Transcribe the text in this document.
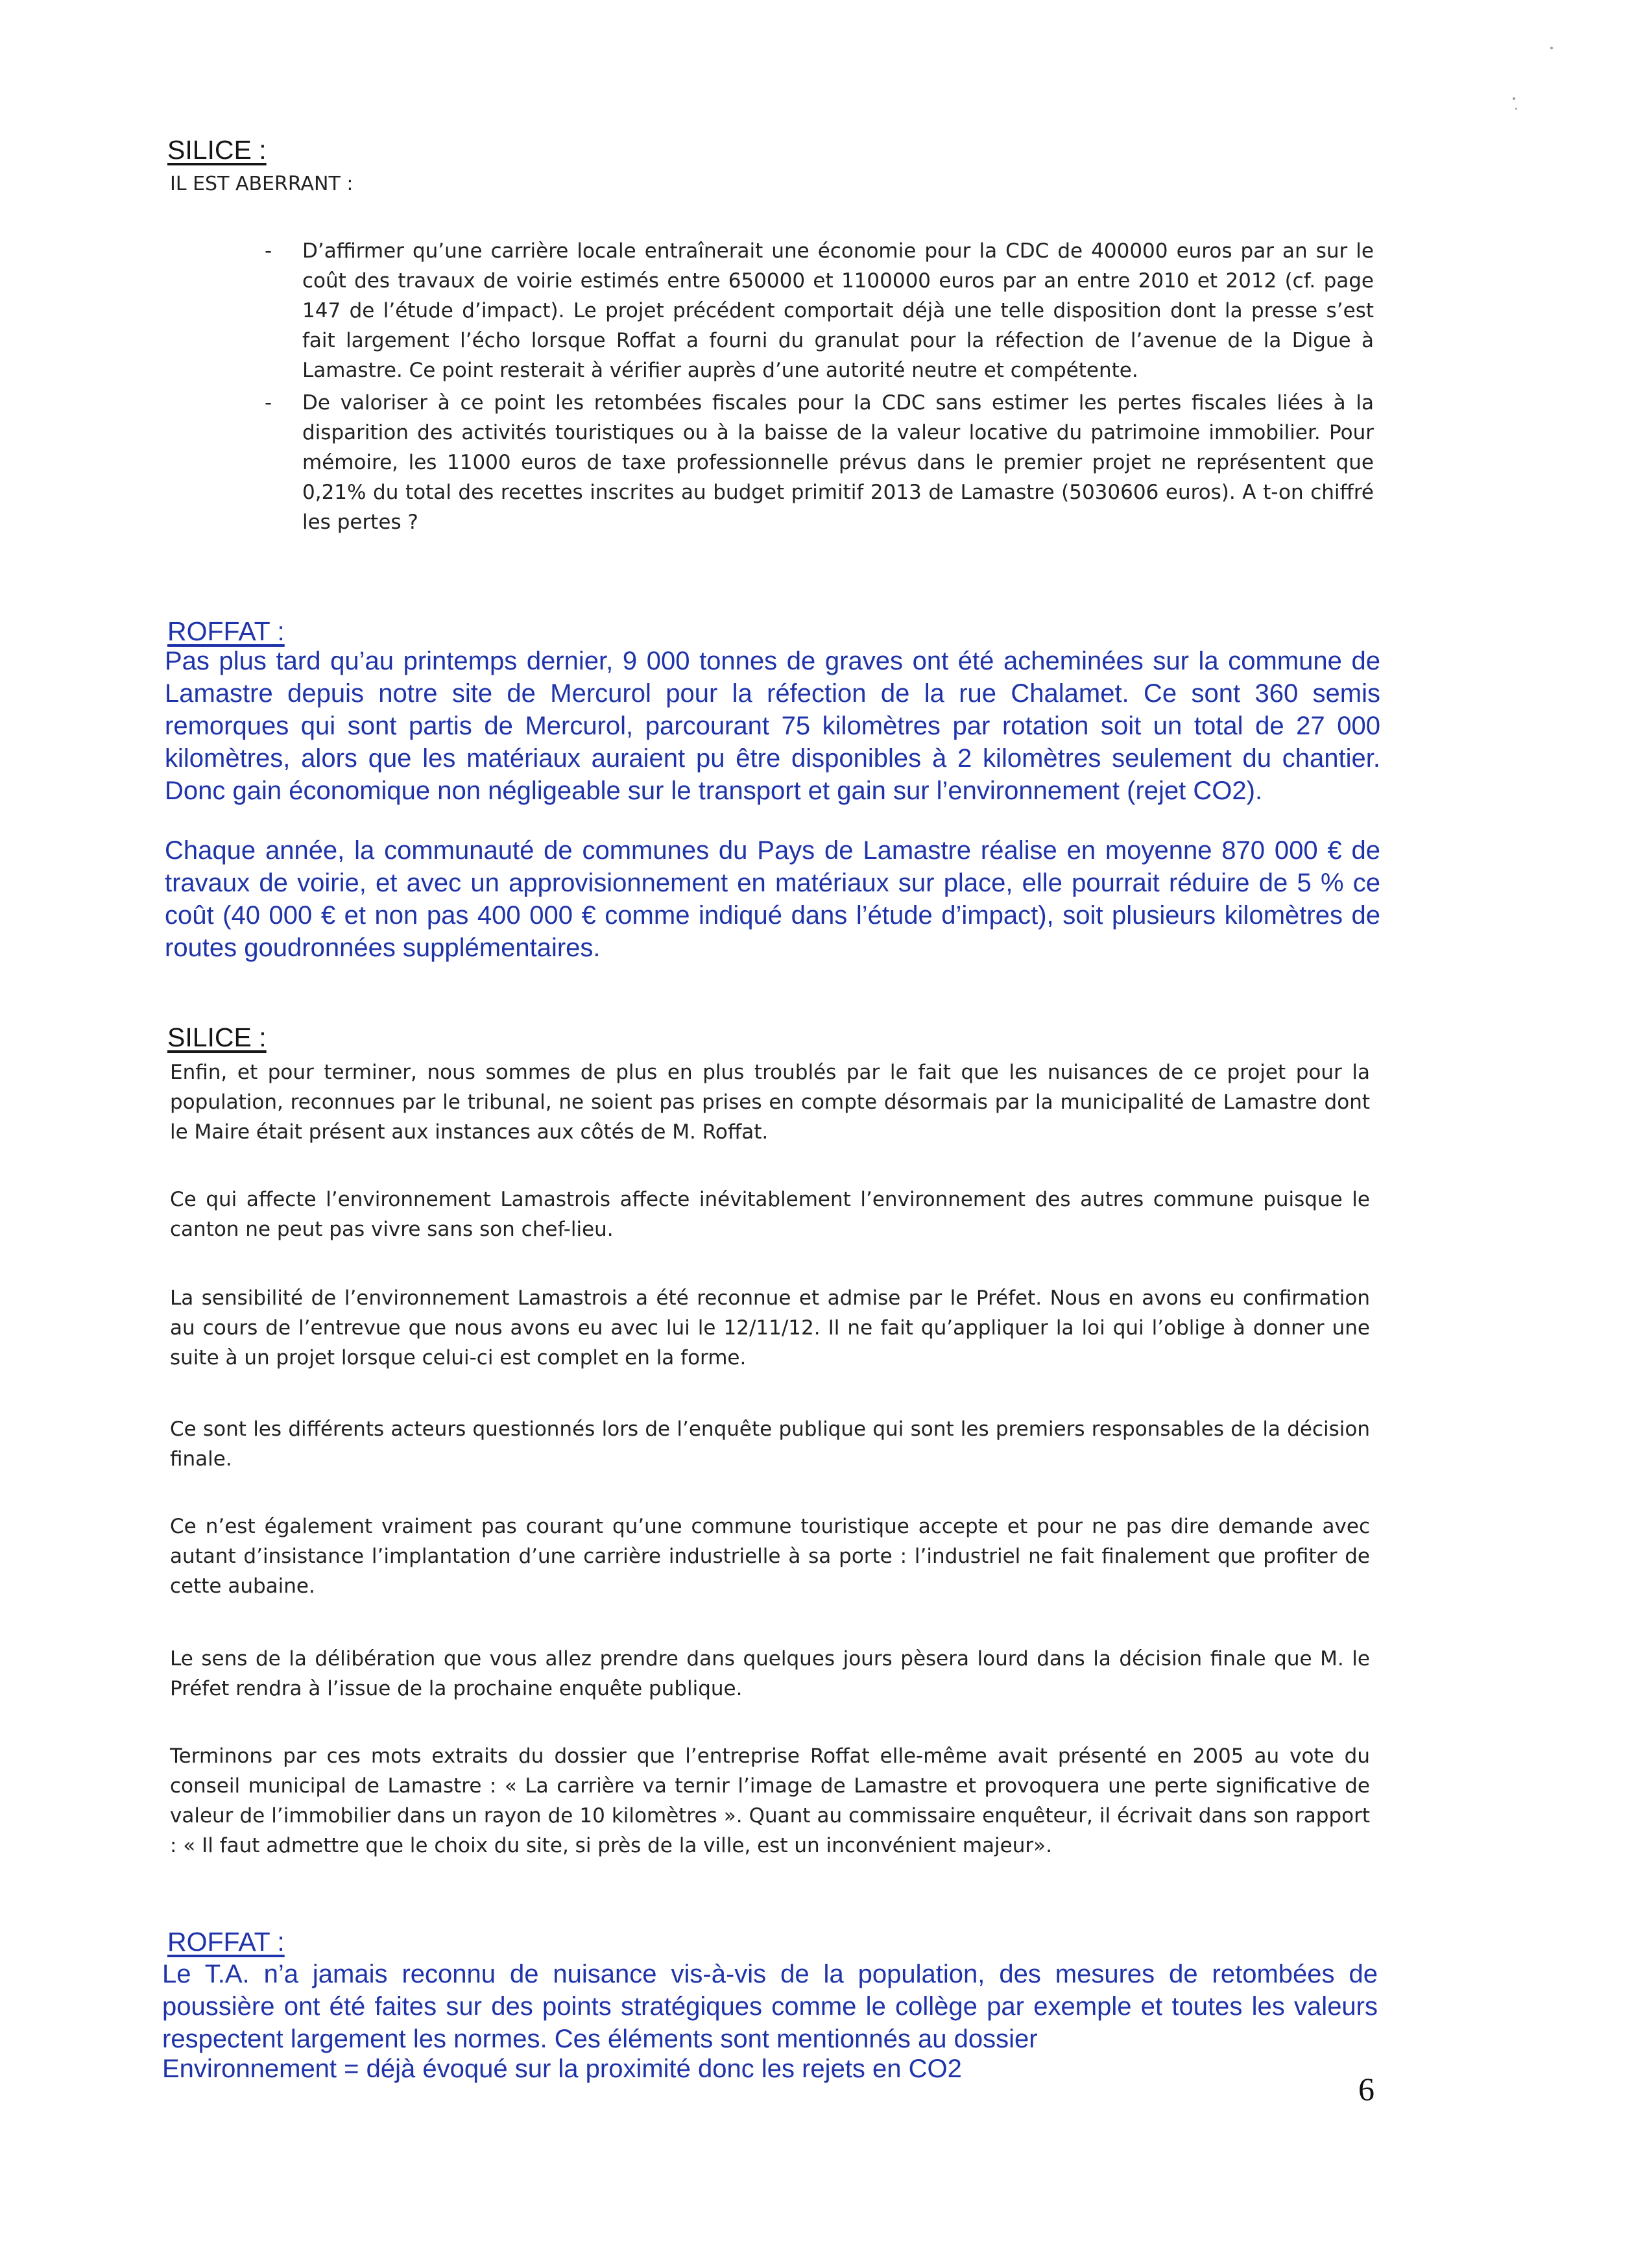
SILICE :
IL EST ABERRANT :
- D’affirmer qu’une carrière locale entraînerait une économie pour la CDC de 400000 euros par an sur le coût des travaux de voirie estimés entre 650000 et 1100000 euros par an entre 2010 et 2012 (cf. page 147 de l’étude d’impact). Le projet précédent comportait déjà une telle disposition dont la presse s’est fait largement l’écho lorsque Roffat a fourni du granulat pour la réfection de l’avenue de la Digue à Lamastre. Ce point resterait à vérifier auprès d’une autorité neutre et compétente.
- De valoriser à ce point les retombées fiscales pour la CDC sans estimer les pertes fiscales liées à la disparition des activités touristiques ou à la baisse de la valeur locative du patrimoine immobilier. Pour mémoire, les 11000 euros de taxe professionnelle prévus dans le premier projet ne représentent que 0,21% du total des recettes inscrites au budget primitif 2013 de Lamastre (5030606 euros). A t-on chiffré les pertes ?
ROFFAT :
Pas plus tard qu’au printemps dernier, 9 000 tonnes de graves ont été acheminées sur la commune de Lamastre depuis notre site de Mercurol pour la réfection de la rue Chalamet. Ce sont 360 semis remorques qui sont partis de Mercurol, parcourant 75 kilomètres par rotation soit un total de 27 000 kilomètres, alors que les matériaux auraient pu être disponibles à 2 kilomètres seulement du chantier. Donc gain économique non négligeable sur le transport et gain sur l’environnement (rejet CO2).
Chaque année, la communauté de communes du Pays de Lamastre réalise en moyenne 870 000 € de travaux de voirie, et avec un approvisionnement en matériaux sur place, elle pourrait réduire de 5 % ce coût (40 000 € et non pas 400 000 € comme indiqué dans l’étude d’impact), soit plusieurs kilomètres de routes goudronnées supplémentaires.
SILICE :
Enfin, et pour terminer, nous sommes de plus en plus troublés par le fait que les nuisances de ce projet pour la population, reconnues par le tribunal, ne soient pas prises en compte désormais par la municipalité de Lamastre dont le Maire était présent aux instances aux côtés de M. Roffat.
Ce qui affecte l’environnement Lamastrois affecte inévitablement l’environnement des autres commune puisque le canton ne peut pas vivre sans son chef-lieu.
La sensibilité de l’environnement Lamastrois a été reconnue et admise par le Préfet. Nous en avons eu confirmation au cours de l’entrevue que nous avons eu avec lui le 12/11/12. Il ne fait qu’appliquer la loi qui l’oblige à donner une suite à un projet lorsque celui-ci est complet en la forme.
Ce sont les différents acteurs questionnés lors de l’enquête publique qui sont les premiers responsables de la décision finale.
Ce n’est également vraiment pas courant qu’une commune touristique accepte et pour ne pas dire demande avec autant d’insistance l’implantation d’une carrière industrielle à sa porte : l’industriel ne fait finalement que profiter de cette aubaine.
Le sens de la délibération que vous allez prendre dans quelques jours pèsera lourd dans la décision finale que M. le Préfet rendra à l’issue de la prochaine enquête publique.
Terminons par ces mots extraits du dossier que l’entreprise Roffat elle-même avait présenté en 2005 au vote du conseil municipal de Lamastre : « La carrière va ternir l’image de Lamastre et provoquera une perte significative de valeur de l’immobilier dans un rayon de 10 kilomètres ». Quant au commissaire enquêteur, il écrivait dans son rapport : « Il faut admettre que le choix du site, si près de la ville, est un inconvénient majeur».
ROFFAT :
Le T.A. n’a jamais reconnu de nuisance vis-à-vis de la population, des mesures de retombées de poussière ont été faites sur des points stratégiques comme le collège par exemple et toutes les valeurs respectent largement les normes. Ces éléments sont mentionnés au dossier
Environnement = déjà évoqué sur la proximité donc les rejets en CO2
6
